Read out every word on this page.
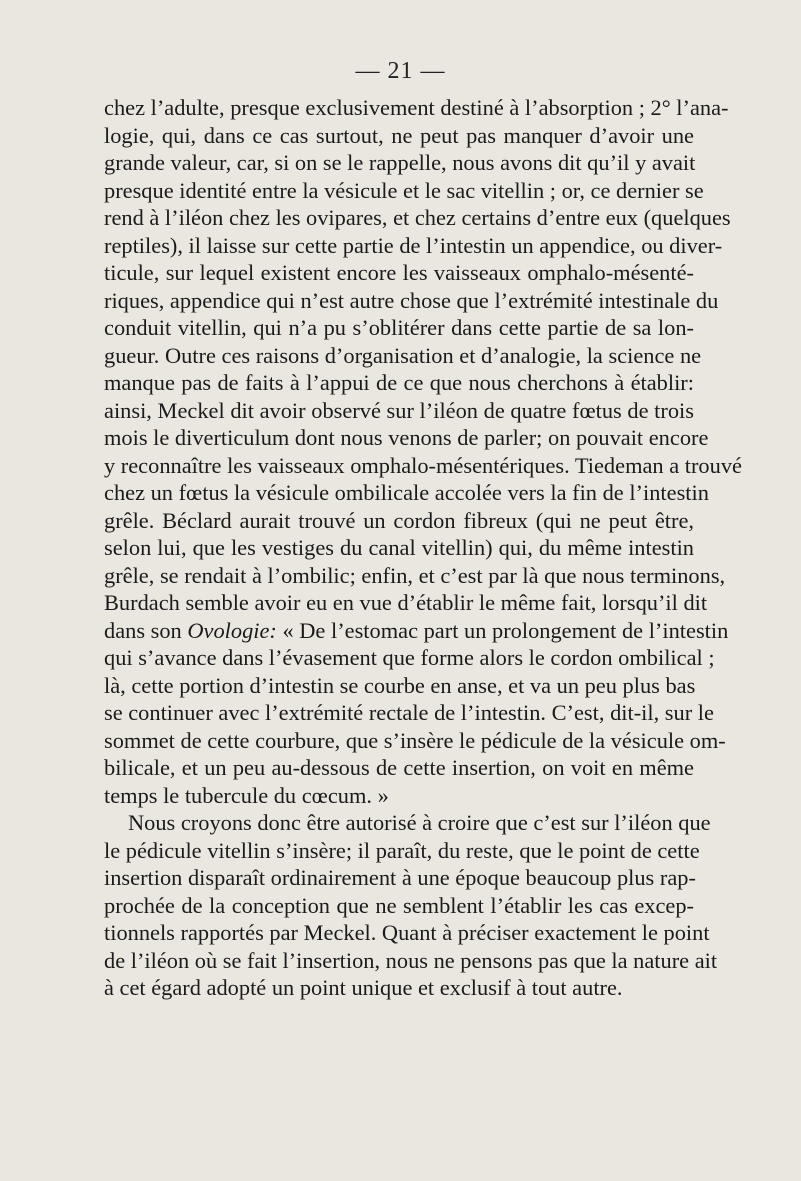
— 21 —
chez l’adulte, presque exclusivement destiné à l’absorption ; 2° l’ana-
logie, qui, dans ce cas surtout, ne peut pas manquer d’avoir une
grande valeur, car, si on se le rappelle, nous avons dit qu’il y avait
presque identité entre la vésicule et le sac vitellin ; or, ce dernier se
rend à l’iléon chez les ovipares, et chez certains d’entre eux (quelques
reptiles), il laisse sur cette partie de l’intestin un appendice, ou diver-
ticule, sur lequel existent encore les vaisseaux omphalo-mésenté-
riques, appendice qui n’est autre chose que l’extrémité intestinale du
conduit vitellin, qui n’a pu s’oblitérer dans cette partie de sa lon-
gueur. Outre ces raisons d’organisation et d’analogie, la science ne
manque pas de faits à l’appui de ce que nous cherchons à établir:
ainsi, Meckel dit avoir observé sur l’iléon de quatre fœtus de trois
mois le diverticulum dont nous venons de parler; on pouvait encore
y reconnaître les vaisseaux omphalo-mésentériques. Tiedeman a trouvé
chez un fœtus la vésicule ombilicale accolée vers la fin de l’intestin
grêle. Béclard aurait trouvé un cordon fibreux (qui ne peut être,
selon lui, que les vestiges du canal vitellin) qui, du même intestin
grêle, se rendait à l’ombilic; enfin, et c’est par là que nous terminons,
Burdach semble avoir eu en vue d’établir le même fait, lorsqu’il dit
dans son Ovologie: « De l’estomac part un prolongement de l’intestin
qui s’avance dans l’évasement que forme alors le cordon ombilical ;
là, cette portion d’intestin se courbe en anse, et va un peu plus bas
se continuer avec l’extrémité rectale de l’intestin. C’est, dit-il, sur le
sommet de cette courbure, que s’insère le pédicule de la vésicule om-
bilicale, et un peu au-dessous de cette insertion, on voit en même
temps le tubercule du cœcum. »
Nous croyons donc être autorisé à croire que c’est sur l’iléon que
le pédicule vitellin s’insère; il paraît, du reste, que le point de cette
insertion disparaît ordinairement à une époque beaucoup plus rap-
prochée de la conception que ne semblent l’établir les cas excep-
tionnels rapportés par Meckel. Quant à préciser exactement le point
de l’iléon où se fait l’insertion, nous ne pensons pas que la nature ait
à cet égard adopté un point unique et exclusif à tout autre.
